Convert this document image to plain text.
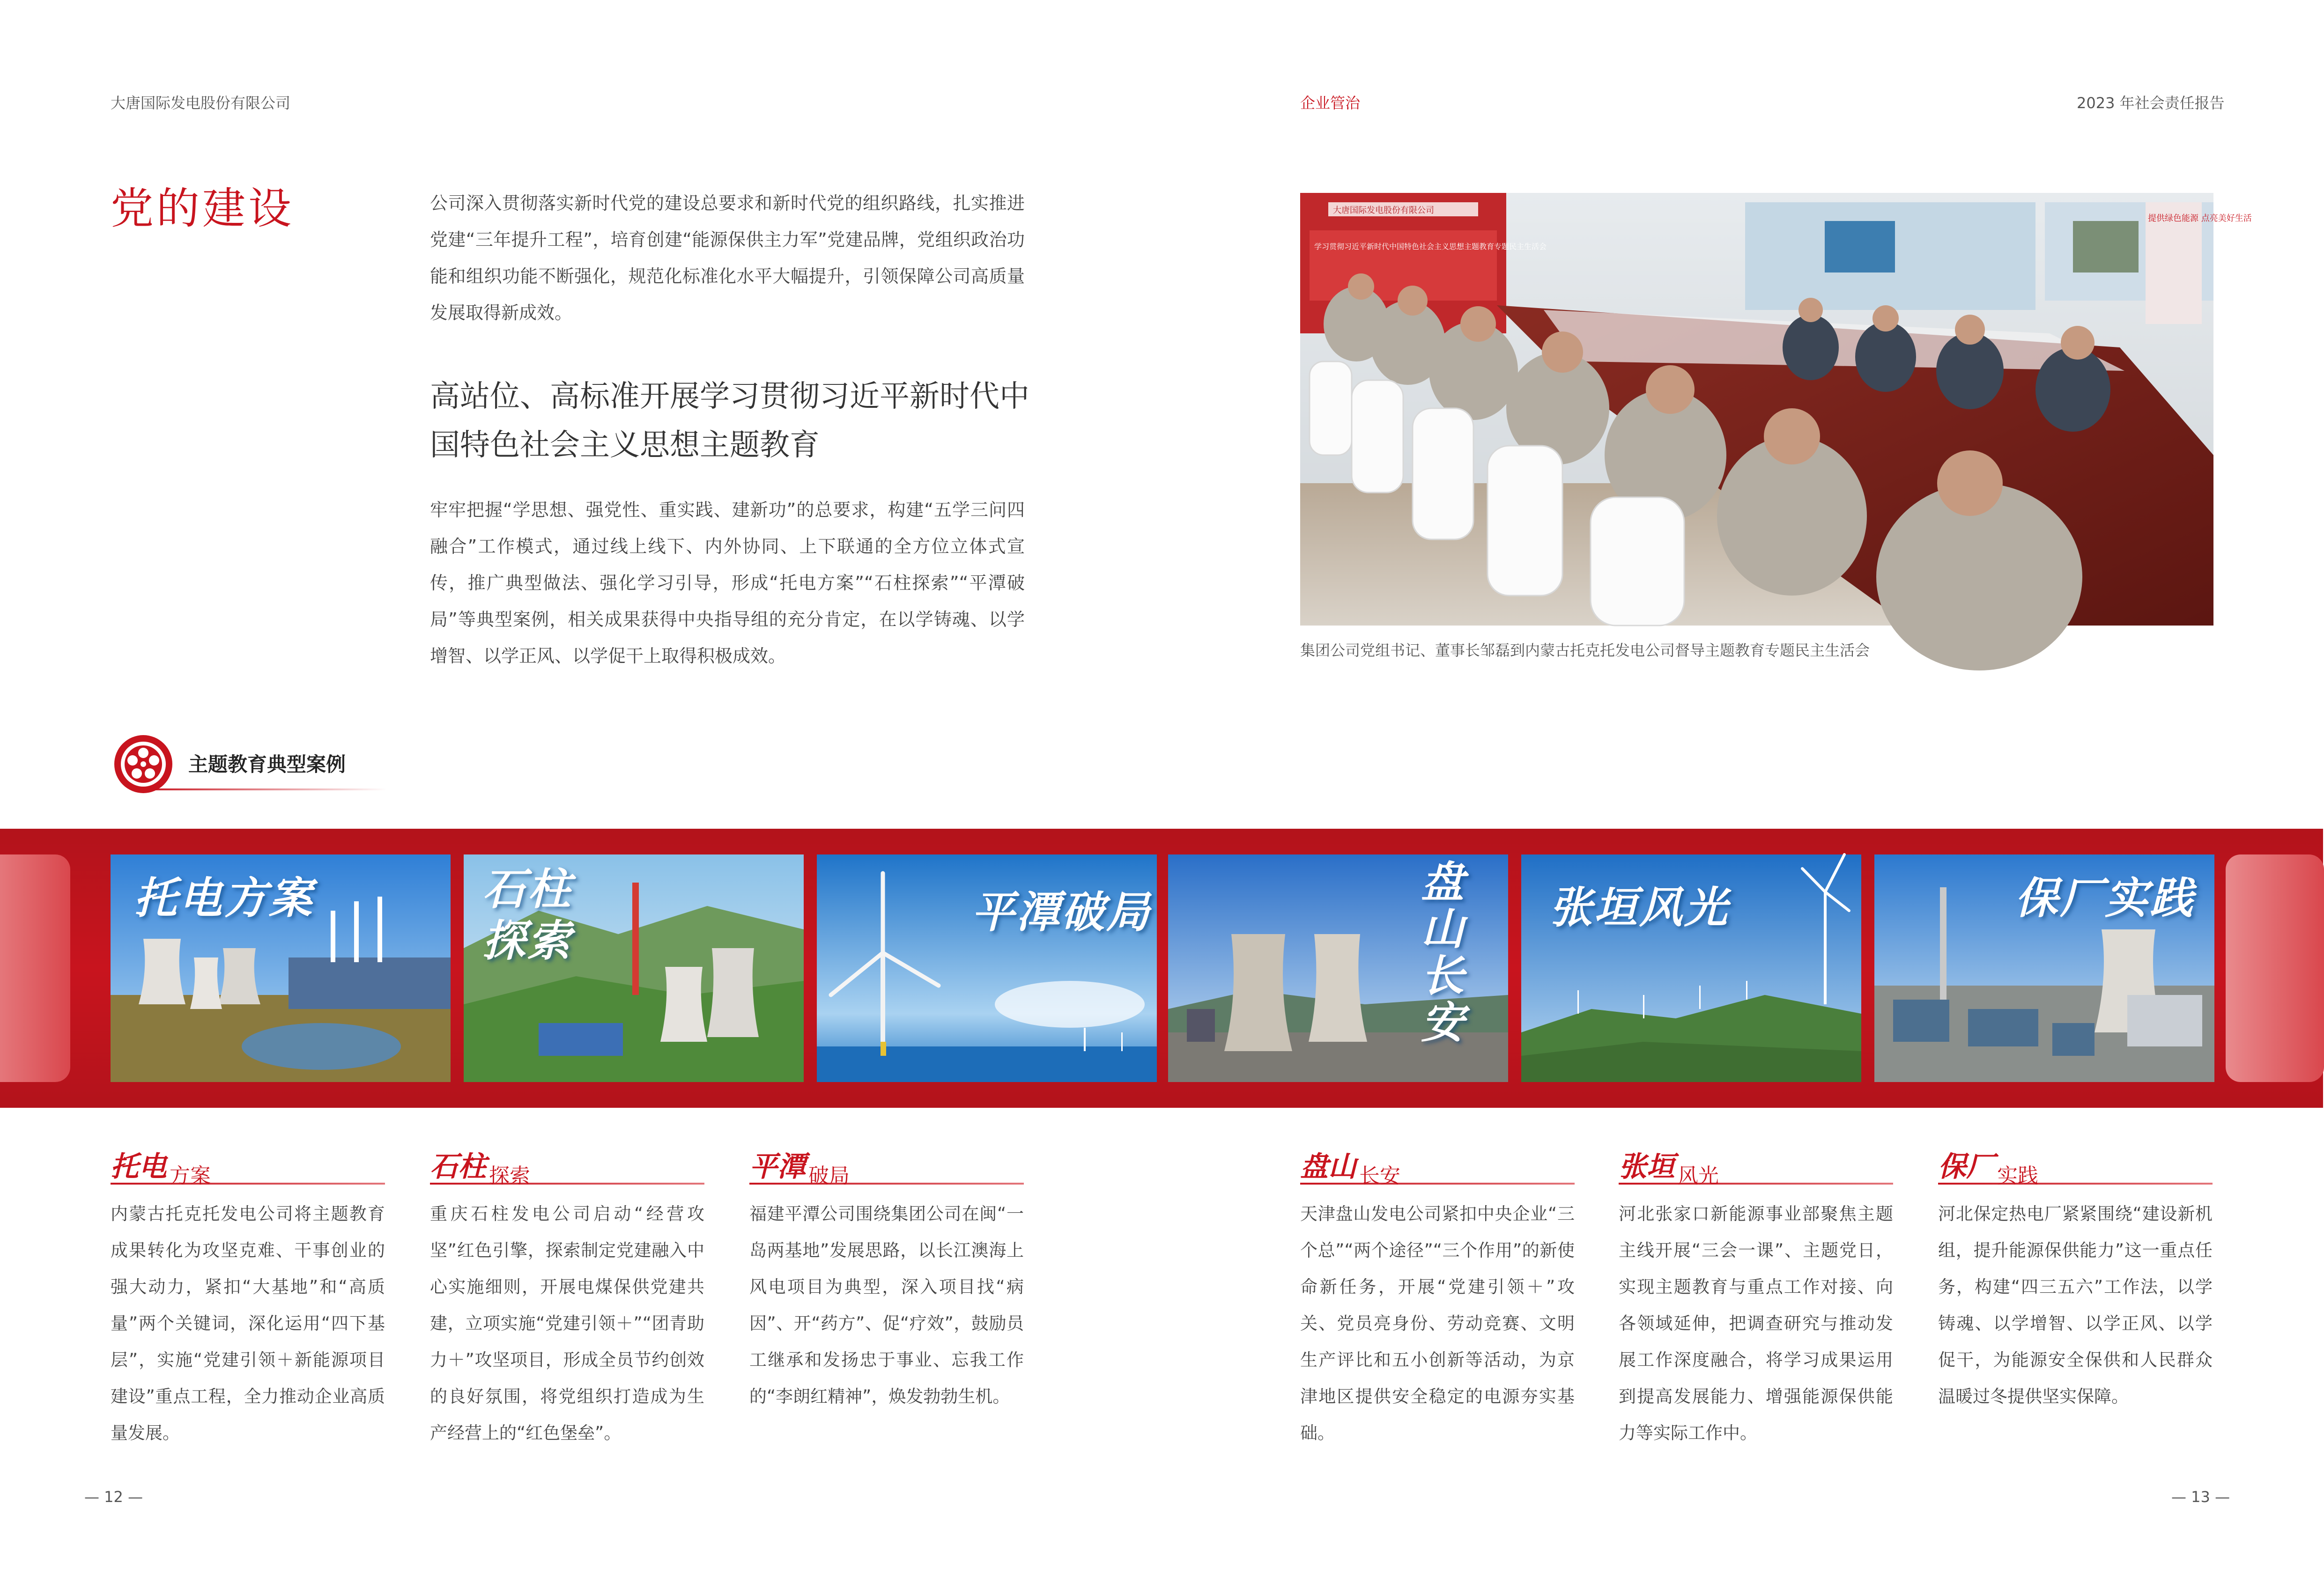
大唐国际发电股份有限公司	企业管治	2023 年社会责任报告
党的建设	公司深入贯彻落实新时代党的建设总要求和新时代党的组织路线，扎实推进党建“三年提升工程”，培育创建“能源保供主力军”党建品牌，党组织政治功能和组织功能不断强化，规范化标准化水平大幅提升，引领保障公司高质量发展取得新成效。
高站位、高标准开展学习贯彻习近平新时代中国特色社会主义思想主题教育
牢牢把握“学思想、强党性、重实践、建新功”的总要求，构建“五学三问四融合”工作模式，通过线上线下、内外协同、上下联通的全方位立体式宣传，推广典型做法、强化学习引导，形成“托电方案”“石柱探索”“平潭破局”等典型案例，相关成果获得中央指导组的充分肯定，在以学铸魂、以学增智、以学正风、以学促干上取得积极成效。
大唐国际发电股份有限公司
学习贯彻习近平新时代中国特色社会主义思想主题教育专题民主生活会
提供绿色能源 点亮美好生活
集团公司党组书记、董事长邹磊到内蒙古托克托发电公司督导主题教育专题民主生活会
主题教育典型案例
托电方案	石柱探索
平潭破局
盘山长安
张垣风光	保厂实践
托电 $_{方案}$
内蒙古托克托发电公司将主题教育成果转化为攻坚克难、干事创业的强大动力，紧扣“大基地”和“高质量”两个关键词，深化运用“四下基层”，实施“党建引领＋新能源项目建设”重点工程，全力推动企业高质量发展。
石柱 $_{探索}$
重庆石柱发电公司启动“经营攻坚”红色引擎，探索制定党建融入中心实施细则，开展电煤保供党建共建，立项实施“党建引领＋”“团青助力＋”攻坚项目，形成全员节约创效的良好氛围，将党组织打造成为生产经营上的“红色堡垒”。
平潭 $_{破局}$
福建平潭公司围绕集团公司在闽“一岛两基地”发展思路，以长江澳海上风电项目为典型，深入项目找“病因”、开“药方”、促“疗效”，鼓励员工继承和发扬忠于事业、忘我工作的“李朗红精神”，焕发勃勃生机。
盘山 $_{长安}$
天津盘山发电公司紧扣中央企业“三个总”“两个途径”“三个作用”的新使命新任务，开展“党建引领＋”攻关、党员亮身份、劳动竞赛、文明生产评比和五小创新等活动，为京津地区提供安全稳定的电源夯实基础。
张垣 $_{风光}$
河北张家口新能源事业部聚焦主题主线开展“三会一课”、主题党日，实现主题教育与重点工作对接、向各领域延伸，把调查研究与推动发展工作深度融合，将学习成果运用到提高发展能力、增强能源保供能力等实际工作中。
保厂 $_{实践}$
河北保定热电厂紧紧围绕“建设新机组，提升能源保供能力”这一重点任务，构建“四三五六”工作法，以学铸魂、以学增智、以学正风、以学促干，为能源安全保供和人民群众温暖过冬提供坚实保障。
— 12 —	— 13 —
